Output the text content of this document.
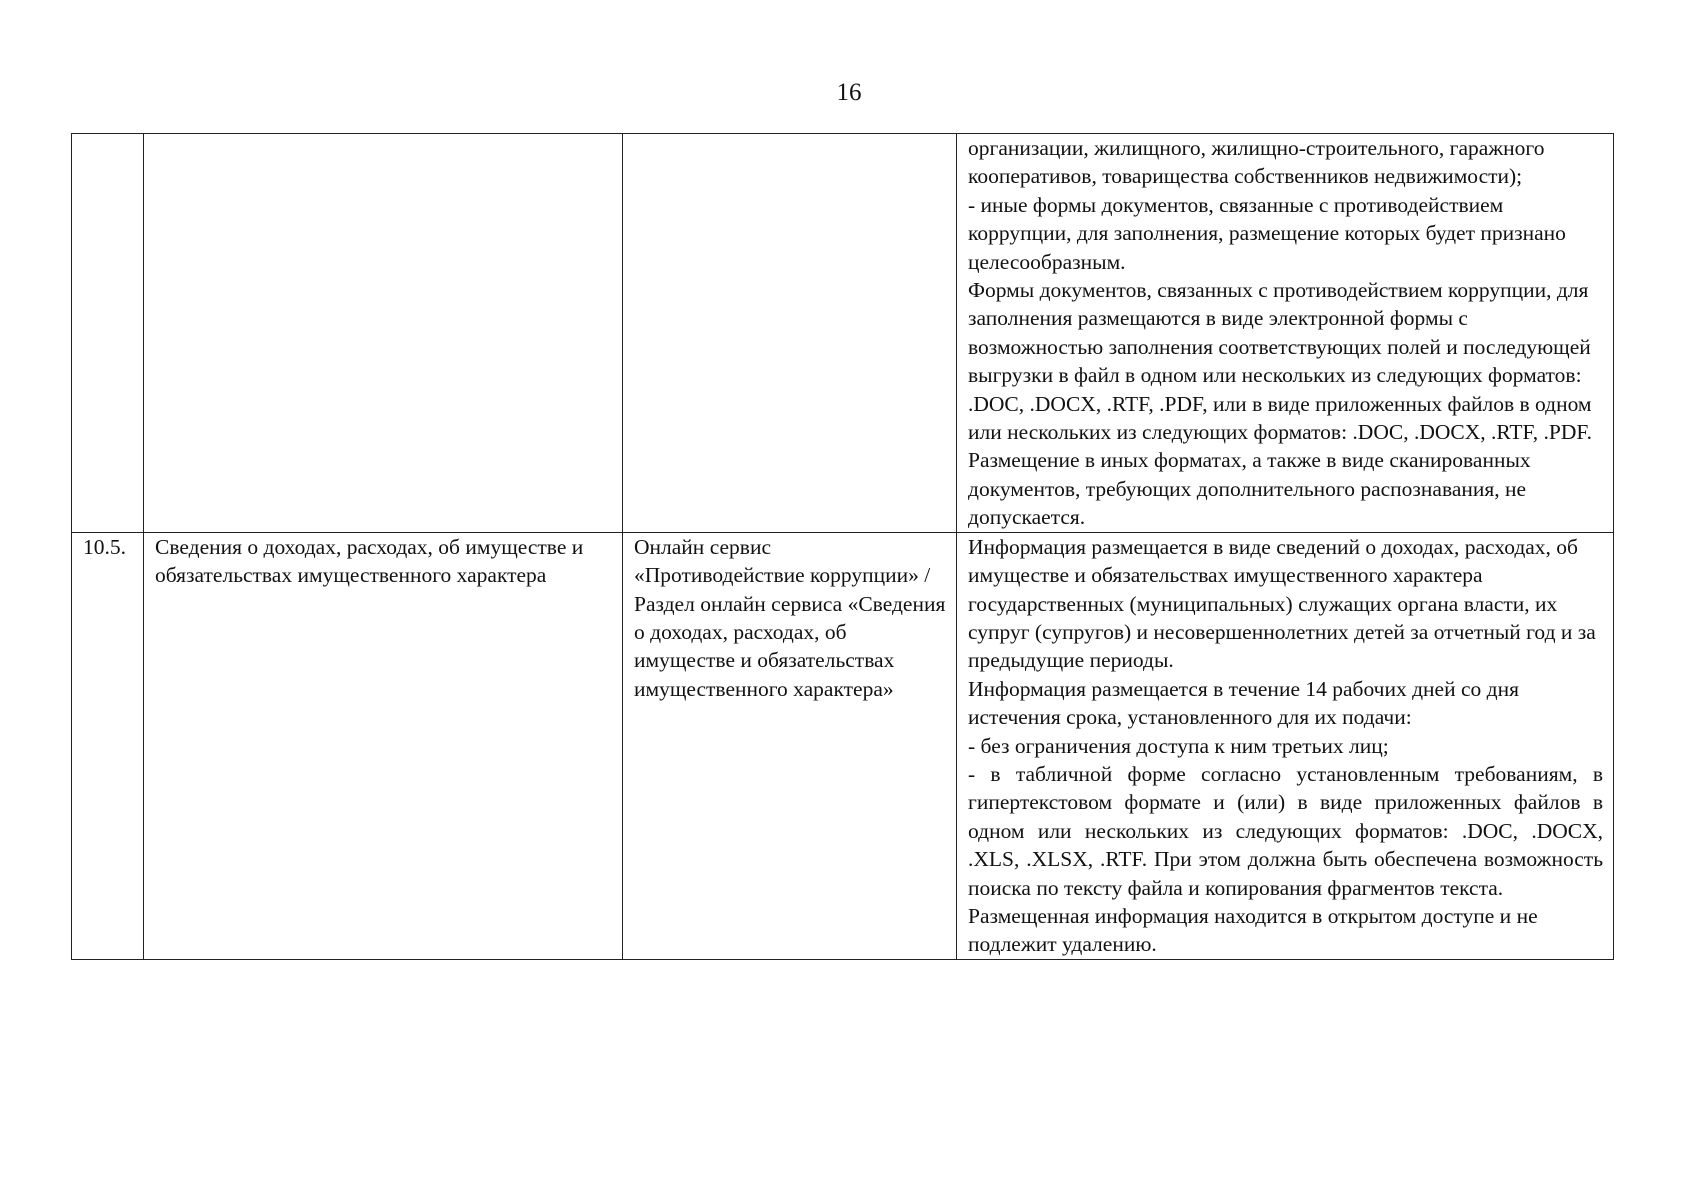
16

			организации, жилищного, жилищно-строительного, гаражного кооперативов, товарищества собственников недвижимости);
- иные формы документов, связанные с противодействием коррупции, для заполнения, размещение которых будет признано целесообразным.
Формы документов, связанных с противодействием коррупции, для заполнения размещаются в виде электронной формы с возможностью заполнения соответствующих полей и последующей выгрузки в файл в одном или нескольких из следующих форматов: .DOC, .DOCX, .RTF, .PDF, или в виде приложенных файлов в одном или нескольких из следующих форматов: .DOC, .DOCX, .RTF, .PDF. Размещение в иных форматах, а также в виде сканированных документов, требующих дополнительного распознавания, не допускается.

10.5.	Сведения о доходах, расходах, об имуществе и обязательствах имущественного характера	Онлайн сервис «Противодействие коррупции» / Раздел онлайн сервиса «Сведения о доходах, расходах, об имуществе и обязательствах имущественного характера»	Информация размещается в виде сведений о доходах, расходах, об имуществе и обязательствах имущественного характера государственных (муниципальных) служащих органа власти, их супруг (супругов) и несовершеннолетних детей за отчетный год и за предыдущие периоды.
Информация размещается в течение 14 рабочих дней со дня истечения срока, установленного для их подачи:
- без ограничения доступа к ним третьих лиц;
- в табличной форме согласно установленным требованиям, в гипертекстовом формате и (или) в виде приложенных файлов в одном или нескольких из следующих форматов: .DOC, .DOCX, .XLS, .XLSX, .RTF. При этом должна быть обеспечена возможность поиска по тексту файла и копирования фрагментов текста.
Размещенная информация находится в открытом доступе и не подлежит удалению.
